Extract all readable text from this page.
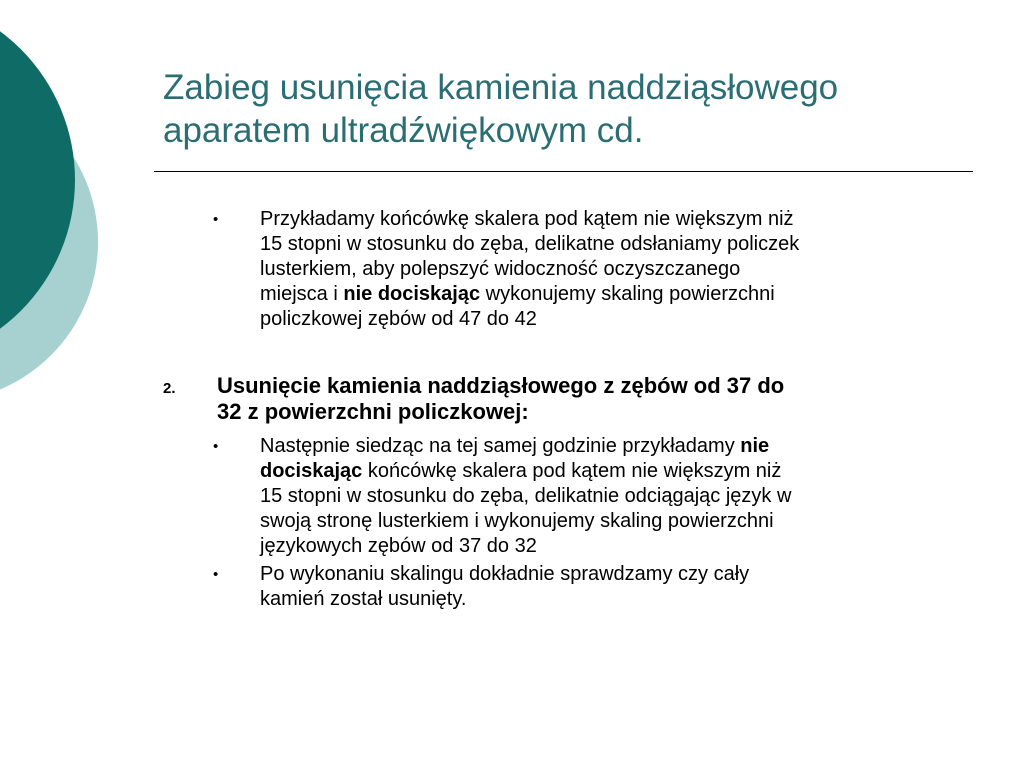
Zabieg usunięcia kamienia naddziąsłowego
aparatem ultradźwiękowym cd.
• Przykładamy końcówkę skalera pod kątem nie większym niż
15 stopni w stosunku do zęba, delikatne odsłaniamy policzek
lusterkiem, aby polepszyć widoczność oczyszczanego
miejsca i nie dociskając wykonujemy skaling powierzchni
policzkowej zębów od 47 do 42
2. Usunięcie kamienia naddziąsłowego z zębów od 37 do
32 z powierzchni policzkowej:
• Następnie siedząc na tej samej godzinie przykładamy nie
dociskając końcówkę skalera pod kątem nie większym niż
15 stopni w stosunku do zęba, delikatnie odciągając język w
swoją stronę lusterkiem i wykonujemy skaling powierzchni
językowych zębów od 37 do 32
• Po wykonaniu skalingu dokładnie sprawdzamy czy cały
kamień został usunięty.
